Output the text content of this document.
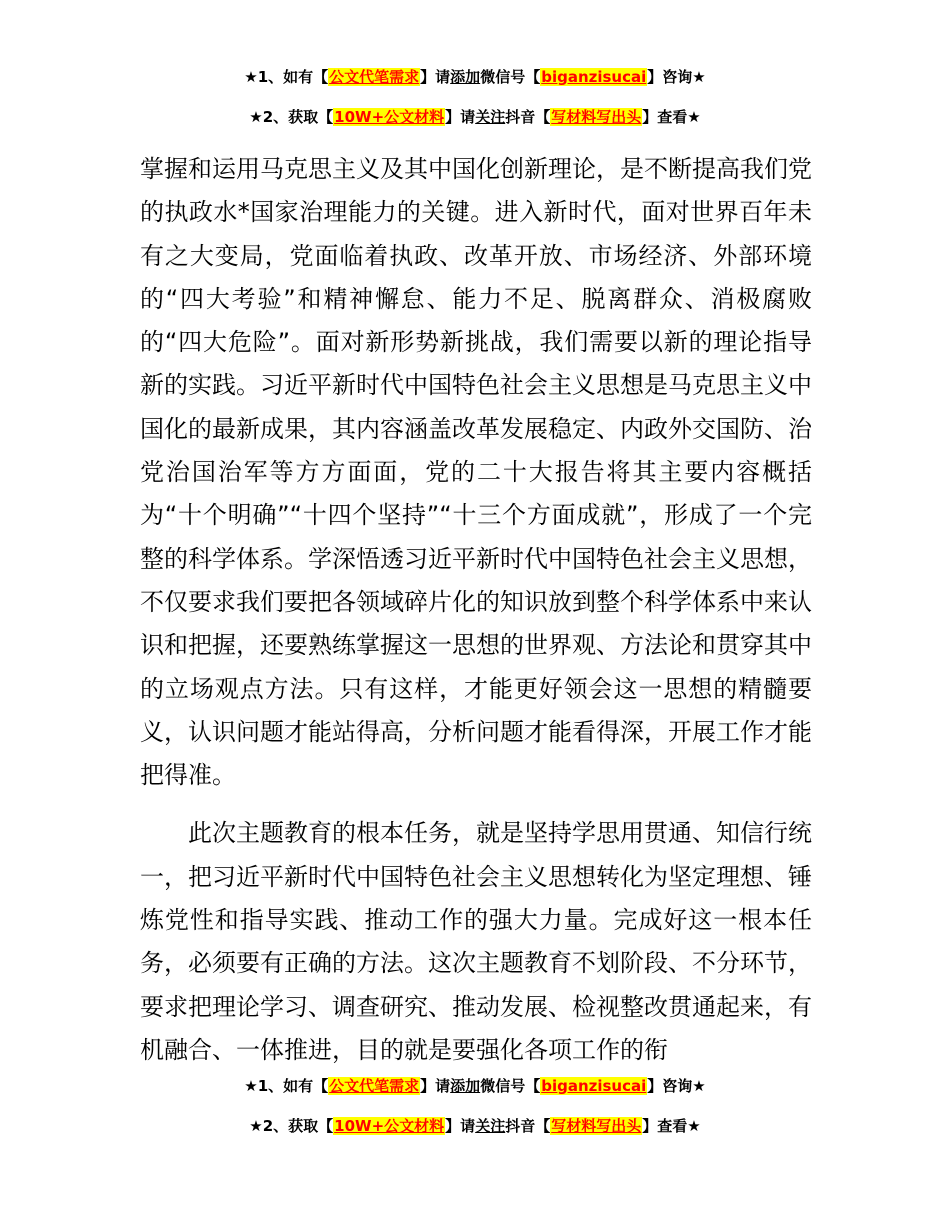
★1、如有【公文代笔需求】请添加微信号【biganzisucai】咨询★
★2、获取【10W+公文材料】请关注抖音【写材料写出头】查看★

掌握和运用马克思主义及其中国化创新理论，是不断提高我们党的执政水*国家治理能力的关键。进入新时代，面对世界百年未有之大变局，党面临着执政、改革开放、市场经济、外部环境的“四大考验”和精神懈怠、能力不足、脱离群众、消极腐败的“四大危险”。面对新形势新挑战，我们需要以新的理论指导新的实践。习近平新时代中国特色社会主义思想是马克思主义中国化的最新成果，其内容涵盖改革发展稳定、内政外交国防、治党治国治军等方方面面，党的二十大报告将其主要内容概括为“十个明确”“十四个坚持”“十三个方面成就”，形成了一个完整的科学体系。学深悟透习近平新时代中国特色社会主义思想，不仅要求我们要把各领域碎片化的知识放到整个科学体系中来认识和把握，还要熟练掌握这一思想的世界观、方法论和贯穿其中的立场观点方法。只有这样，才能更好领会这一思想的精髓要义，认识问题才能站得高，分析问题才能看得深，开展工作才能把得准。

此次主题教育的根本任务，就是坚持学思用贯通、知信行统一，把习近平新时代中国特色社会主义思想转化为坚定理想、锤炼党性和指导实践、推动工作的强大力量。完成好这一根本任务，必须要有正确的方法。这次主题教育不划阶段、不分环节，要求把理论学习、调查研究、推动发展、检视整改贯通起来，有机融合、一体推进，目的就是要强化各项工作的衔

★1、如有【公文代笔需求】请添加微信号【biganzisucai】咨询★
★2、获取【10W+公文材料】请关注抖音【写材料写出头】查看★
